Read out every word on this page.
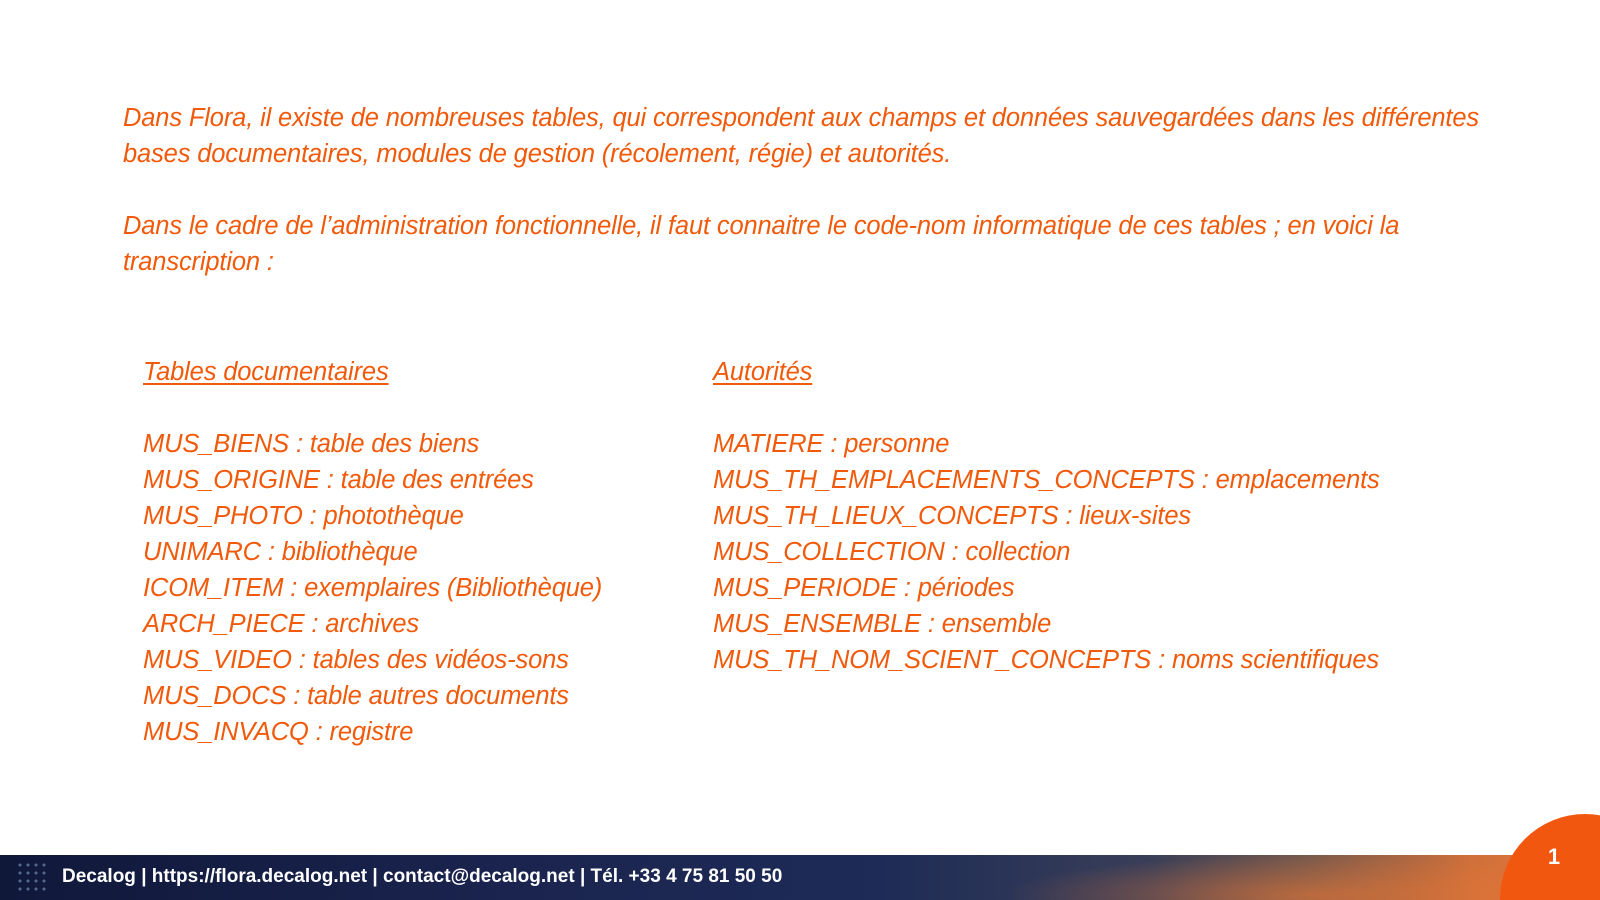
Dans Flora, il existe de nombreuses tables, qui correspondent aux champs et données sauvegardées dans les différentes bases documentaires, modules de gestion (récolement, régie) et autorités.

Dans le cadre de l’administration fonctionnelle, il faut connaitre le code-nom informatique de ces tables ; en voici la transcription :

Tables documentaires
MUS_BIENS : table des biens
MUS_ORIGINE : table des entrées
MUS_PHOTO : photothèque
UNIMARC : bibliothèque
ICOM_ITEM : exemplaires (Bibliothèque)
ARCH_PIECE : archives
MUS_VIDEO : tables des vidéos-sons
MUS_DOCS : table autres documents
MUS_INVACQ : registre
Autorités
MATIERE : personne
MUS_TH_EMPLACEMENTS_CONCEPTS : emplacements
MUS_TH_LIEUX_CONCEPTS : lieux-sites
MUS_COLLECTION : collection
MUS_PERIODE : périodes
MUS_ENSEMBLE : ensemble
MUS_TH_NOM_SCIENT_CONCEPTS : noms scientifiques
Decalog | https://flora.decalog.net | contact@decalog.net | Tél. +33 4 75 81 50 50
1
